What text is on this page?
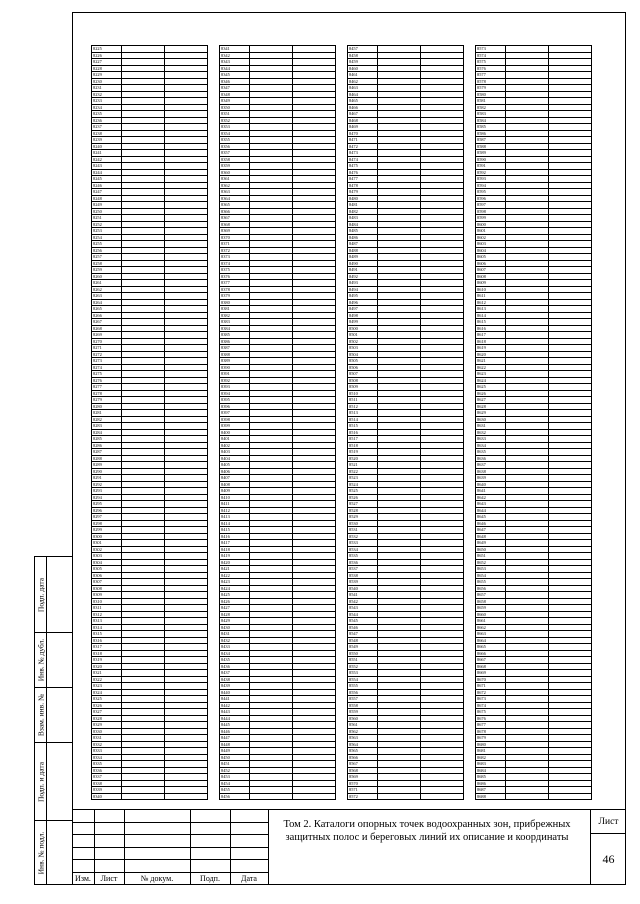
Подп. дата
Инв. № дубл.
Взам. инв. №
Подп. и дата
Инв. № подл.
8225		
8226		
8227		
8228		
8229		
8230		
8231		
8232		
8233		
8234		
8235		
8236		
8237		
8238		
8239		
8240		
8241		
8242		
8243		
8244		
8245		
8246		
8247		
8248		
8249		
8250		
8251		
8252		
8253		
8254		
8255		
8256		
8257		
8258		
8259		
8260		
8261		
8262		
8263		
8264		
8265		
8266		
8267		
8268		
8269		
8270		
8271		
8272		
8273		
8274		
8275		
8276		
8277		
8278		
8279		
8280		
8281		
8282		
8283		
8284		
8285		
8286		
8287		
8288		
8289		
8290		
8291		
8292		
8293		
8294		
8295		
8296		
8297		
8298		
8299		
8300		
8301		
8302		
8303		
8304		
8305		
8306		
8307		
8308		
8309		
8310		
8311		
8312		
8313		
8314		
8315		
8316		
8317		
8318		
8319		
8320		
8321		
8322		
8323		
8324		
8325		
8326		
8327		
8328		
8329		
8330		
8331		
8332		
8333		
8334		
8335		
8336		
8337		
8338		
8339		
8340		
8341		
8342		
8343		
8344		
8345		
8346		
8347		
8348		
8349		
8350		
8351		
8352		
8353		
8354		
8355		
8356		
8357		
8358		
8359		
8360		
8361		
8362		
8363		
8364		
8365		
8366		
8367		
8368		
8369		
8370		
8371		
8372		
8373		
8374		
8375		
8376		
8377		
8378		
8379		
8380		
8381		
8382		
8383		
8384		
8385		
8386		
8387		
8388		
8389		
8390		
8391		
8392		
8393		
8394		
8395		
8396		
8397		
8398		
8399		
8400		
8401		
8402		
8403		
8404		
8405		
8406		
8407		
8408		
8409		
8410		
8411		
8412		
8413		
8414		
8415		
8416		
8417		
8418		
8419		
8420		
8421		
8422		
8423		
8424		
8425		
8426		
8427		
8428		
8429		
8430		
8431		
8432		
8433		
8434		
8435		
8436		
8437		
8438		
8439		
8440		
8441		
8442		
8443		
8444		
8445		
8446		
8447		
8448		
8449		
8450		
8451		
8452		
8453		
8454		
8455		
8456		
8457		
8458		
8459		
8460		
8461		
8462		
8463		
8464		
8465		
8466		
8467		
8468		
8469		
8470		
8471		
8472		
8473		
8474		
8475		
8476		
8477		
8478		
8479		
8480		
8481		
8482		
8483		
8484		
8485		
8486		
8487		
8488		
8489		
8490		
8491		
8492		
8493		
8494		
8495		
8496		
8497		
8498		
8499		
8500		
8501		
8502		
8503		
8504		
8505		
8506		
8507		
8508		
8509		
8510		
8511		
8512		
8513		
8514		
8515		
8516		
8517		
8518		
8519		
8520		
8521		
8522		
8523		
8524		
8525		
8526		
8527		
8528		
8529		
8530		
8531		
8532		
8533		
8534		
8535		
8536		
8537		
8538		
8539		
8540		
8541		
8542		
8543		
8544		
8545		
8546		
8547		
8548		
8549		
8550		
8551		
8552		
8553		
8554		
8555		
8556		
8557		
8558		
8559		
8560		
8561		
8562		
8563		
8564		
8565		
8566		
8567		
8568		
8569		
8570		
8571		
8572		
8573		
8574		
8575		
8576		
8577		
8578		
8579		
8580		
8581		
8582		
8583		
8584		
8585		
8586		
8587		
8588		
8589		
8590		
8591		
8592		
8593		
8594		
8595		
8596		
8597		
8598		
8599		
8600		
8601		
8602		
8603		
8604		
8605		
8606		
8607		
8608		
8609		
8610		
8611		
8612		
8613		
8614		
8615		
8616		
8617		
8618		
8619		
8620		
8621		
8622		
8623		
8624		
8625		
8626		
8627		
8628		
8629		
8630		
8631		
8632		
8633		
8634		
8635		
8636		
8637		
8638		
8639		
8640		
8641		
8642		
8643		
8644		
8645		
8646		
8647		
8648		
8649		
8650		
8651		
8652		
8653		
8654		
8655		
8656		
8657		
8658		
8659		
8660		
8661		
8662		
8663		
8664		
8665		
8666		
8667		
8668		
8669		
8670		
8671		
8672		
8673		
8674		
8675		
8676		
8677		
8678		
8679		
8680		
8681		
8682		
8683		
8684		
8685		
8686		
8687		
8688		
Изм.	Лист	№ докум.	Подп.	Дата
Том 2. Каталоги опорных точек водоохранных зон, прибрежных
защитных полос и береговых линий их описание и координаты
Лист
46
